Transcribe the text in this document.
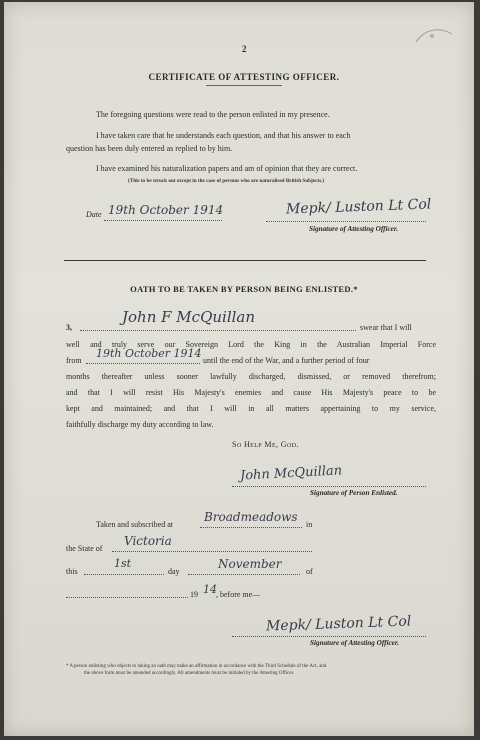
2
CERTIFICATE OF ATTESTING OFFICER.
The foregoing questions were read to the person enlisted in my presence.
I have taken care that he understands each question, and that his answer to each
question has been duly entered as replied to by him.
I have examined his naturalization papers and am of opinion that they are correct.
(This to be struck out except in the case of persons who are naturalised British Subjects.)
Date 19th October 1914	Mepk/ Luston Lt Col
Signature of Attesting Officer.
OATH TO BE TAKEN BY PERSON BEING ENLISTED.*
3,
John F McQuillan
swear that I will
well and truly serve our Sovereign Lord the King in the Australian Imperial Force
from
19th October 1914
until the end of the War, and a further period of four
months thereafter unless sooner lawfully discharged, dismissed, or removed therefrom;
and that I will resist His Majesty's enemies and cause His Majesty's peace to be
kept and maintained; and that I will in all matters appertaining to my service,
faithfully discharge my duty according to law.
So Help Me, God.
John McQuillan
Signature of Person Enlisted.
Taken and subscribed at
Broadmeadows
in
the State of
Victoria
this
1st
day
November
of
19 14 , before me—
Mepk/ Luston Lt Col
Signature of Attesting Officer.
* A person enlisting who objects to taking an oath may make an affirmation in accordance with the Third Schedule of the Act, and
the above form must be amended accordingly. All amendments must be initialed by the Attesting Officer.
